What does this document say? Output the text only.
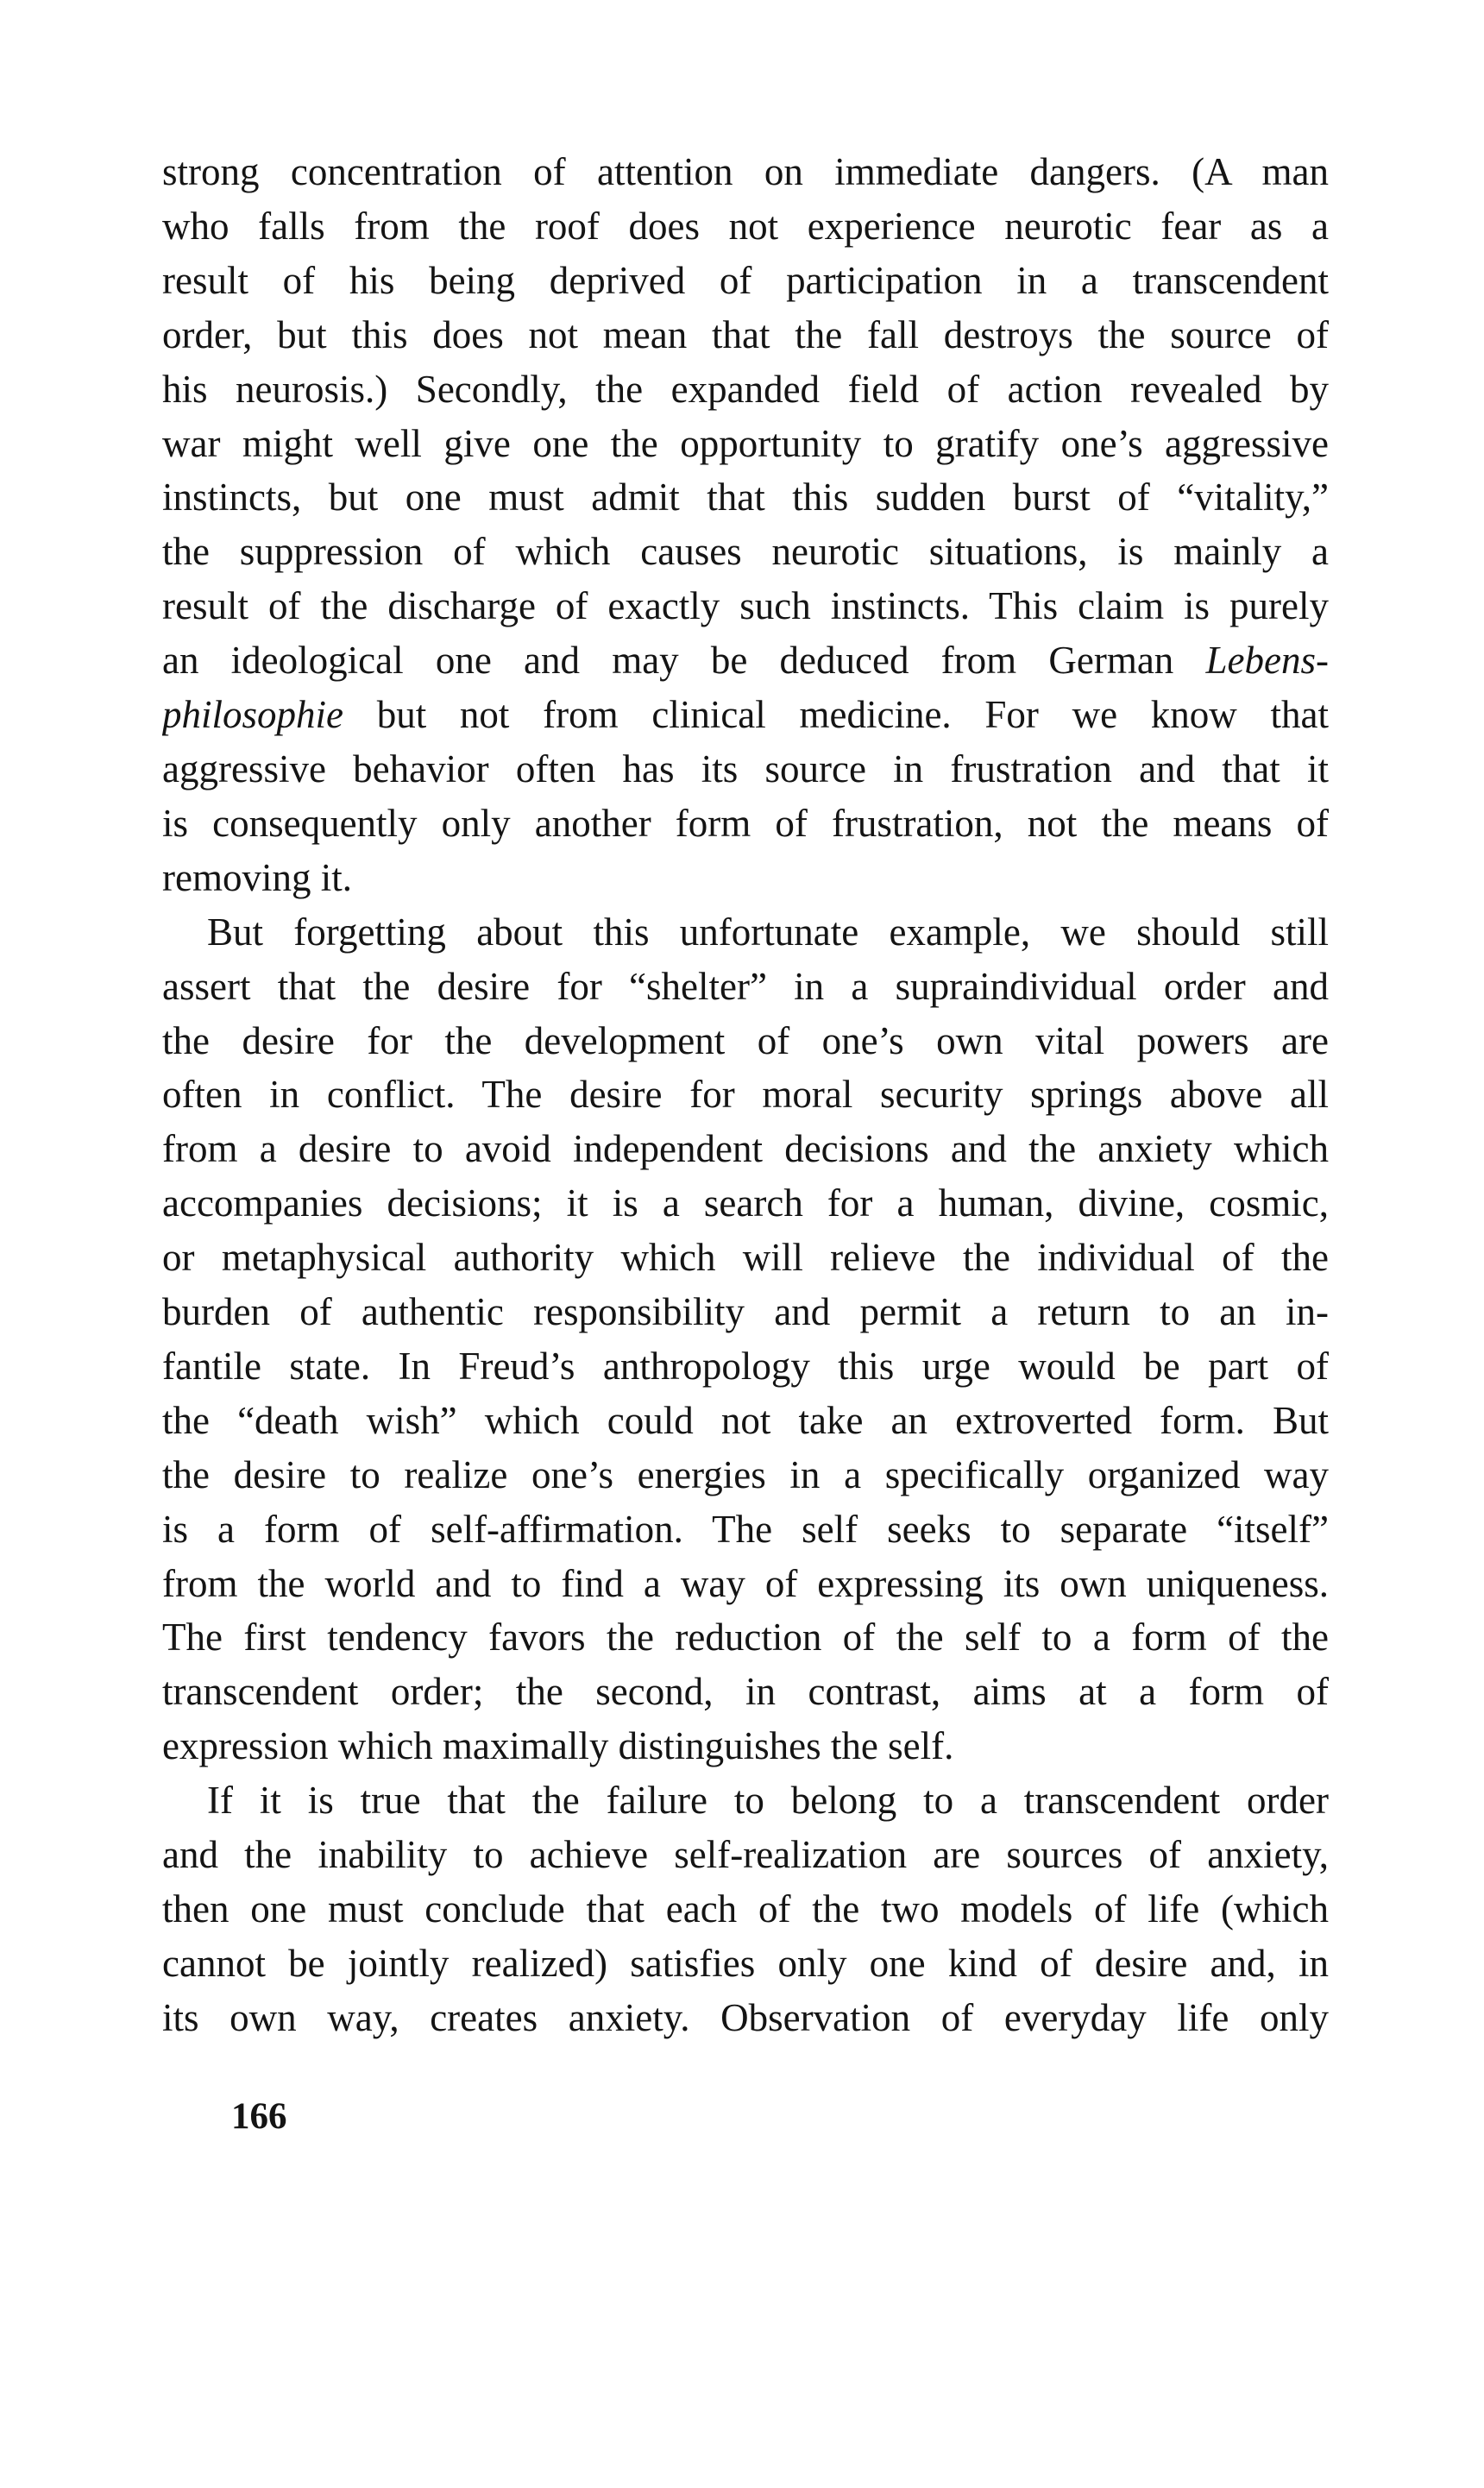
strong concentration of attention on immediate dangers. (A man
who falls from the roof does not experience neurotic fear as a
result of his being deprived of participation in a transcendent
order, but this does not mean that the fall destroys the source of
his neurosis.) Secondly, the expanded field of action revealed by
war might well give one the opportunity to gratify one’s aggressive
instincts, but one must admit that this sudden burst of “vitality,”
the suppression of which causes neurotic situations, is mainly a
result of the discharge of exactly such instincts. This claim is purely
an ideological one and may be deduced from German Lebens-
philosophie but not from clinical medicine. For we know that
aggressive behavior often has its source in frustration and that it
is consequently only another form of frustration, not the means of
removing it.
But forgetting about this unfortunate example, we should still
assert that the desire for “shelter” in a supraindividual order and
the desire for the development of one’s own vital powers are
often in conflict. The desire for moral security springs above all
from a desire to avoid independent decisions and the anxiety which
accompanies decisions; it is a search for a human, divine, cosmic,
or metaphysical authority which will relieve the individual of the
burden of authentic responsibility and permit a return to an in-
fantile state. In Freud’s anthropology this urge would be part of
the “death wish” which could not take an extroverted form. But
the desire to realize one’s energies in a specifically organized way
is a form of self-affirmation. The self seeks to separate “itself”
from the world and to find a way of expressing its own uniqueness.
The first tendency favors the reduction of the self to a form of the
transcendent order; the second, in contrast, aims at a form of
expression which maximally distinguishes the self.
If it is true that the failure to belong to a transcendent order
and the inability to achieve self-realization are sources of anxiety,
then one must conclude that each of the two models of life (which
cannot be jointly realized) satisfies only one kind of desire and, in
its own way, creates anxiety. Observation of everyday life only
166
